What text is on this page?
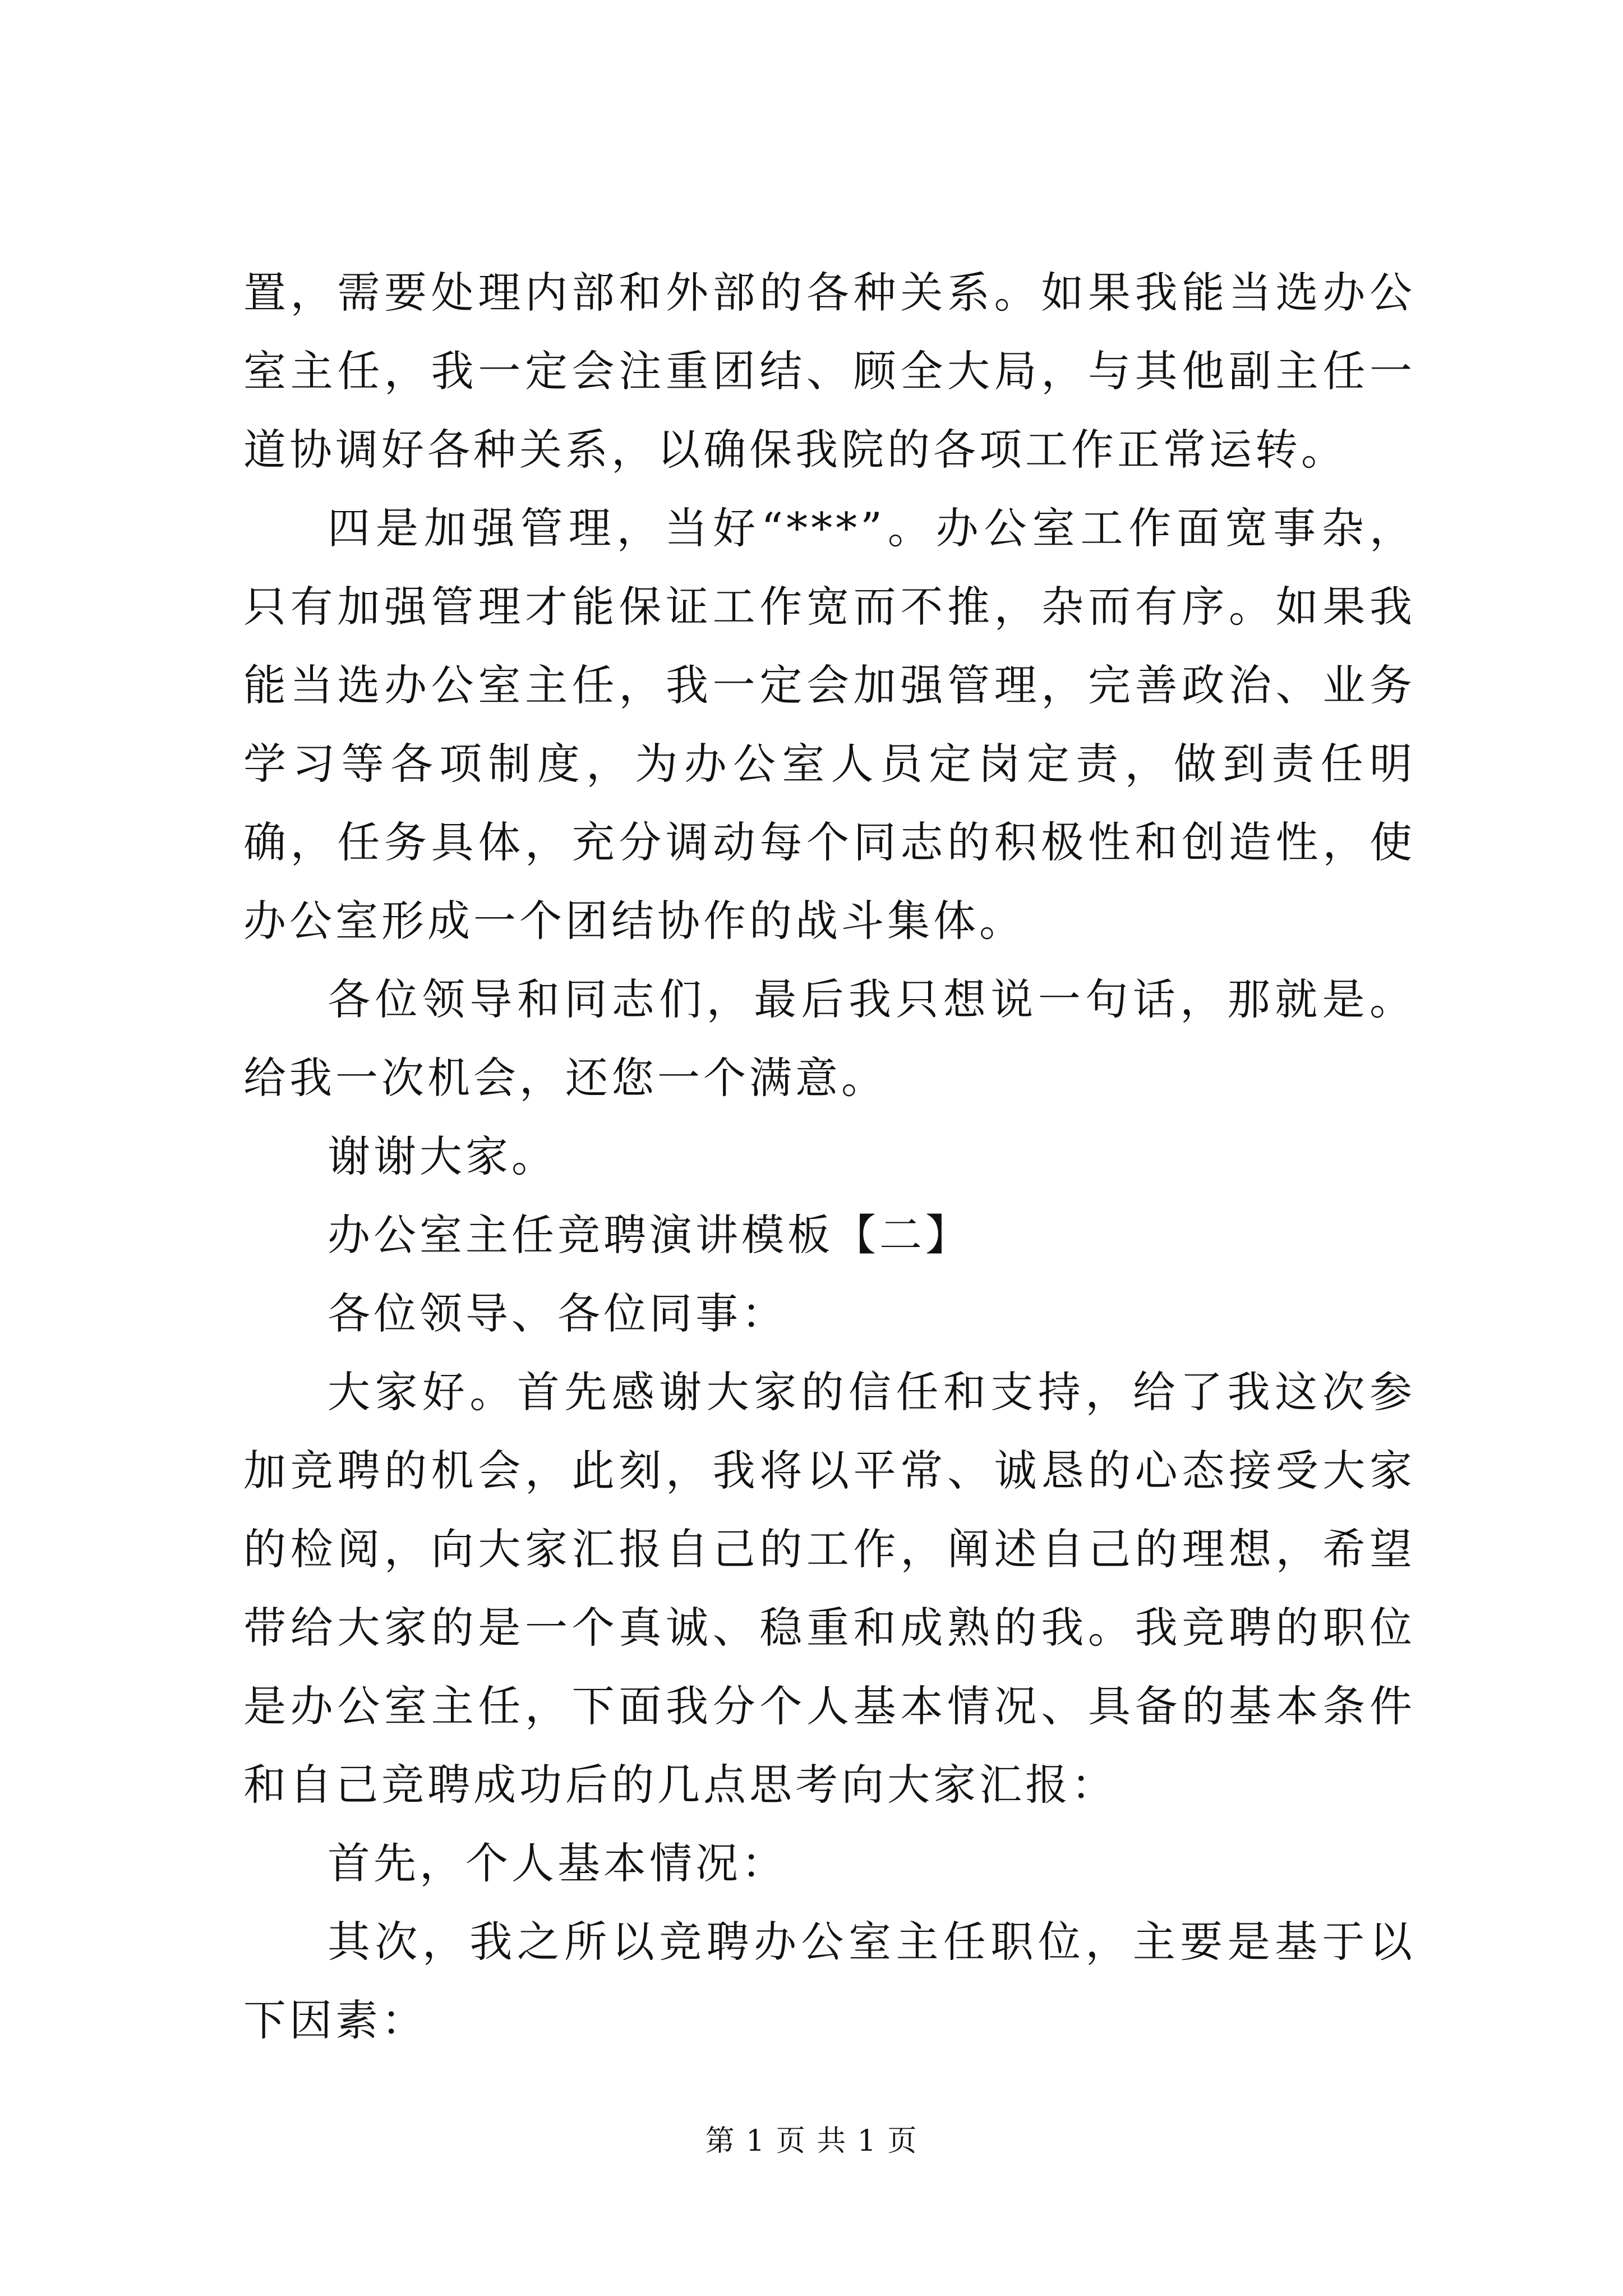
置，需要处理内部和外部的各种关系。如果我能当选办公室主任，我一定会注重团结、顾全大局，与其他副主任一道协调好各种关系，以确保我院的各项工作正常运转。

四是加强管理，当好“***”。办公室工作面宽事杂，只有加强管理才能保证工作宽而不推，杂而有序。如果我能当选办公室主任，我一定会加强管理，完善政治、业务学习等各项制度，为办公室人员定岗定责，做到责任明确，任务具体，充分调动每个同志的积极性和创造性，使办公室形成一个团结协作的战斗集体。

各位领导和同志们，最后我只想说一句话，那就是。给我一次机会，还您一个满意。

谢谢大家。

办公室主任竞聘演讲模板【二】

各位领导、各位同事：

大家好。首先感谢大家的信任和支持，给了我这次参加竞聘的机会，此刻，我将以平常、诚恳的心态接受大家的检阅，向大家汇报自己的工作，阐述自己的理想，希望带给大家的是一个真诚、稳重和成熟的我。我竞聘的职位是办公室主任，下面我分个人基本情况、具备的基本条件和自己竞聘成功后的几点思考向大家汇报：

首先，个人基本情况：

其次，我之所以竞聘办公室主任职位，主要是基于以下因素：

第 1 页 共 1 页
